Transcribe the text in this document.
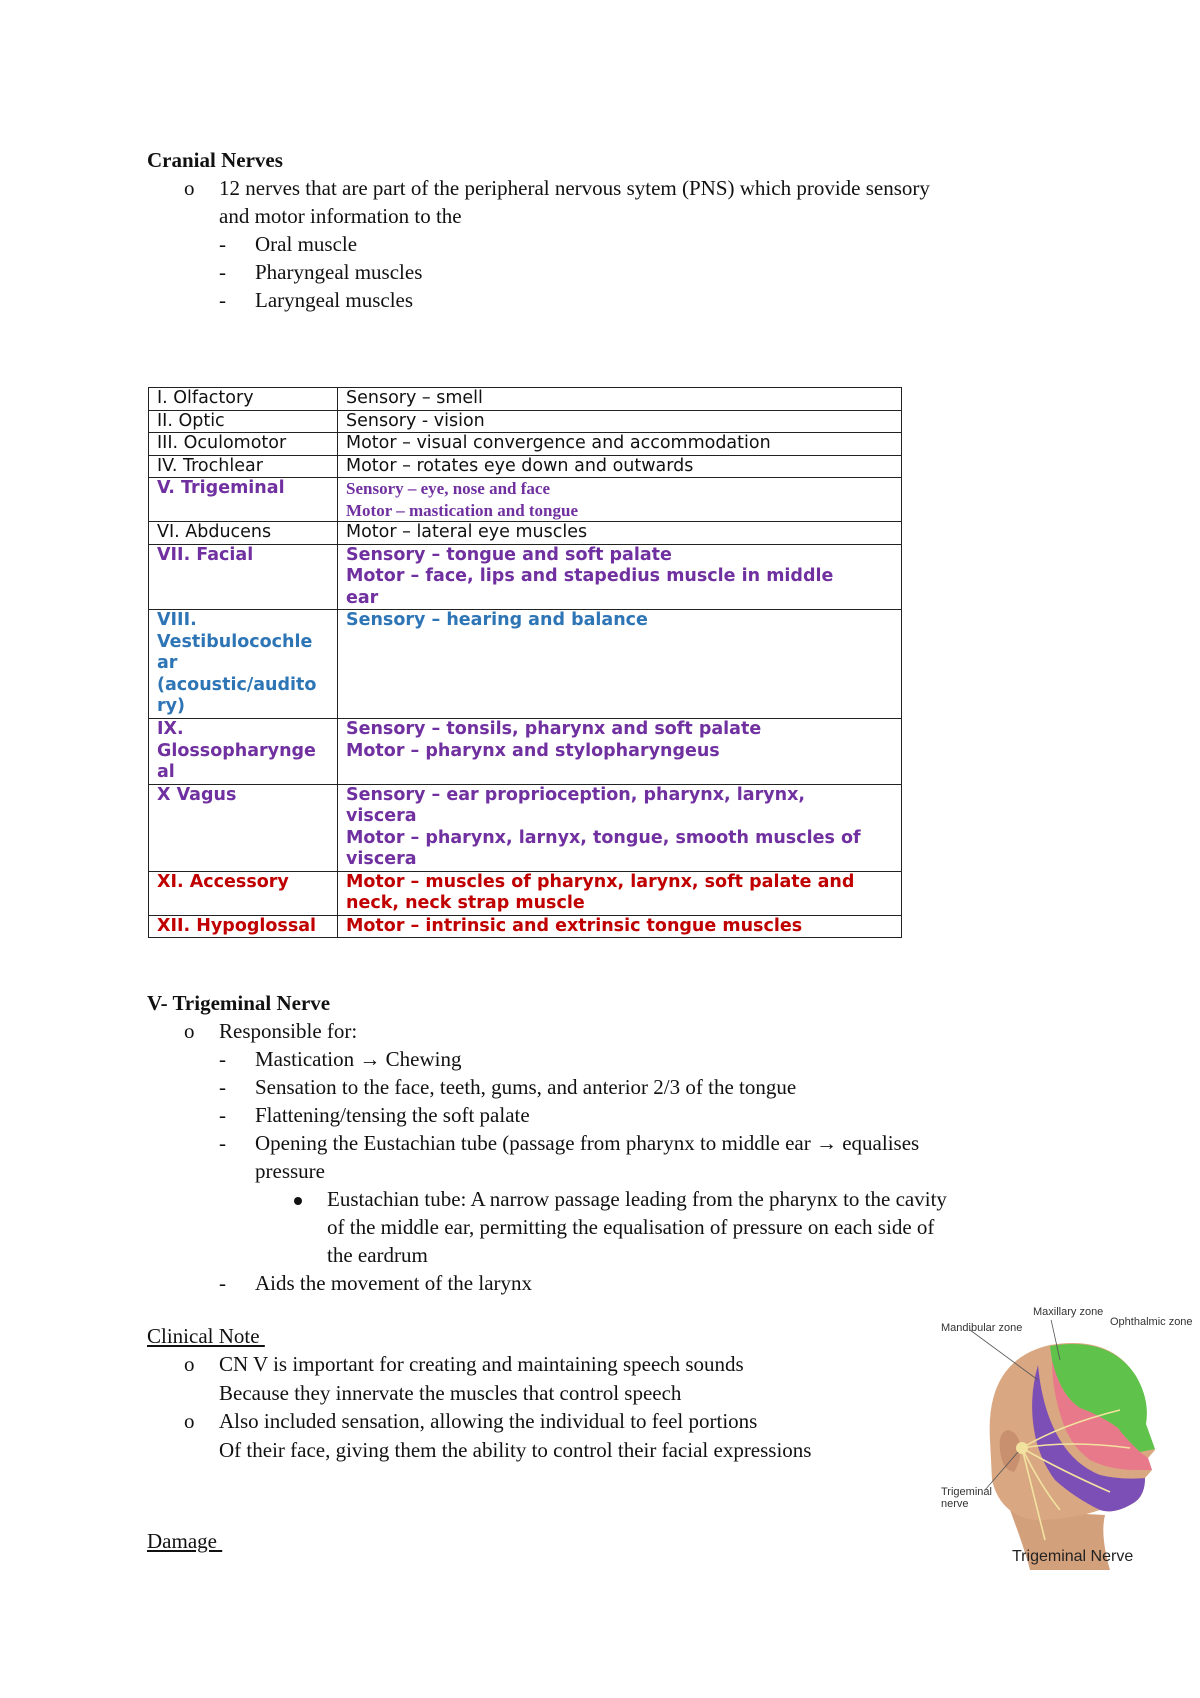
Cranial Nerves
o	12 nerves that are part of the peripheral nervous sytem (PNS) which provide sensory
and motor information to the
-	Oral muscle
-	Pharyngeal muscles
-	Laryngeal muscles
I. Olfactory	Sensory – smell

II. Optic	Sensory - vision

III. Oculomotor	Motor – visual convergence and accommodation

IV. Trochlear	Motor – rotates eye down and outwards

V. Trigeminal	Sensory – eye, nose and face
Motor – mastication and tongue

VI. Abducens	Motor – lateral eye muscles

VII. Facial	Sensory – tongue and soft palate
Motor – face, lips and stapedius muscle in middle
ear

VIII.
Vestibulocochle
ar
(acoustic/audito
ry)	Sensory – hearing and balance

IX.
Glossopharynge
al	Sensory – tonsils, pharynx and soft palate
Motor – pharynx and stylopharyngeus

X Vagus	Sensory – ear proprioception, pharynx, larynx,
viscera
Motor – pharynx, larnyx, tongue, smooth muscles of
viscera

XI. Accessory	Motor – muscles of pharynx, larynx, soft palate and
neck, neck strap muscle

XII. Hypoglossal	Motor – intrinsic and extrinsic tongue muscles
V- Trigeminal Nerve
o	Responsible for:
-	Mastication → Chewing
-	Sensation to the face, teeth, gums, and anterior 2/3 of the tongue
-	Flattening/tensing the soft palate
-	Opening the Eustachian tube (passage from pharynx to middle ear → equalises
pressure
Eustachian tube: A narrow passage leading from the pharynx to the cavity
of the middle ear, permitting the equalisation of pressure on each side of
the eardrum
-	Aids the movement of the larynx
Clinical Note
o	CN V is important for creating and maintaining speech sounds
Because they innervate the muscles that control speech
o	Also included sensation, allowing the individual to feel portions
Of their face, giving them the ability to control their facial expressions
Damage
Maxillary zone
Mandibular zone	Ophthalmic zone
Trigeminal
nerve
Trigeminal Nerve
